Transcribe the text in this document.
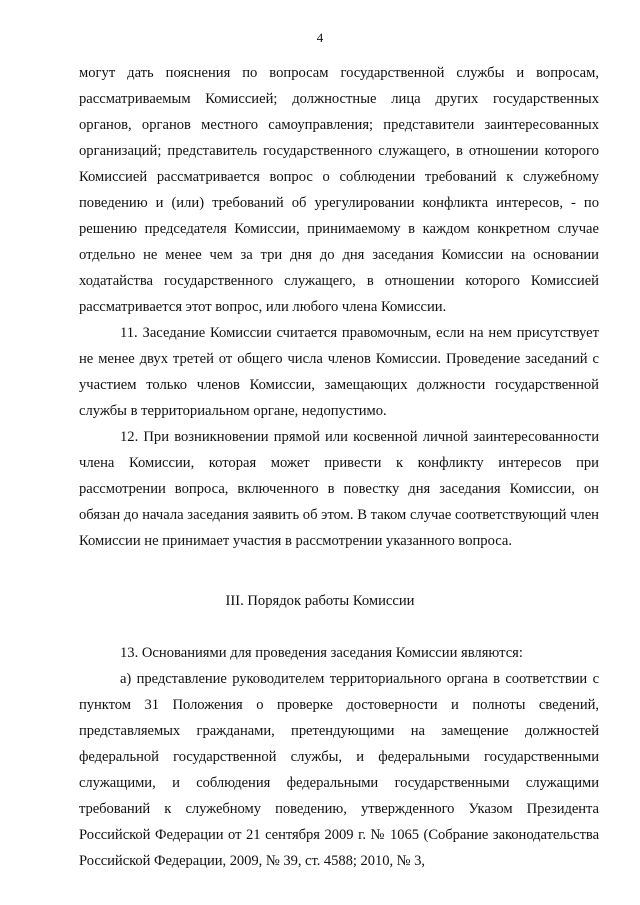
4

могут дать пояснения по вопросам государственной службы и вопросам, рассматриваемым Комиссией; должностные лица других государственных органов, органов местного самоуправления; представители заинтересованных организаций; представитель государственного служащего, в отношении которого Комиссией рассматривается вопрос о соблюдении требований к служебному поведению и (или) требований об урегулировании конфликта интересов, - по решению председателя Комиссии, принимаемому в каждом конкретном случае отдельно не менее чем за три дня до дня заседания Комиссии на основании ходатайства государственного служащего, в отношении которого Комиссией рассматривается этот вопрос, или любого члена Комиссии.

11. Заседание Комиссии считается правомочным, если на нем присутствует не менее двух третей от общего числа членов Комиссии. Проведение заседаний с участием только членов Комиссии, замещающих должности государственной службы в территориальном органе, недопустимо.

12. При возникновении прямой или косвенной личной заинтересованности члена Комиссии, которая может привести к конфликту интересов при рассмотрении вопроса, включенного в повестку дня заседания Комиссии, он обязан до начала заседания заявить об этом. В таком случае соответствующий член Комиссии не принимает участия в рассмотрении указанного вопроса.

13. Основаниями для проведения заседания Комиссии являются:

а) представление руководителем территориального органа в соответствии с пунктом 31 Положения о проверке достоверности и полноты сведений, представляемых гражданами, претендующими на замещение должностей федеральной государственной службы, и федеральными государственными служащими, и соблюдения федеральными государственными служащими требований к служебному поведению, утвержденного Указом Президента Российской Федерации от 21 сентября 2009 г. № 1065 (Собрание законодательства Российской Федерации, 2009, № 39, ст. 4588; 2010, № 3,

III. Порядок работы Комиссии
